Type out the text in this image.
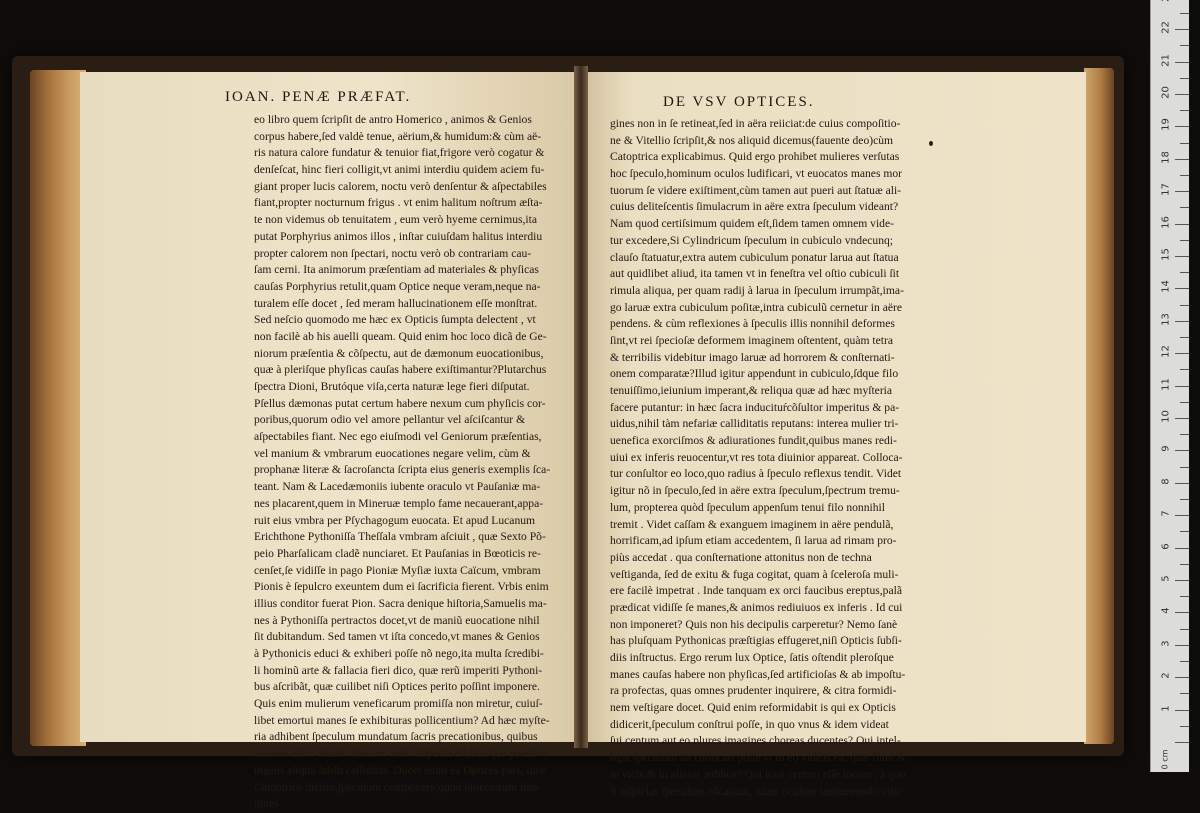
IOAN. PENÆ PRÆFAT.	DE VSV OPTICES.
eo libro quem ſcripſit de antro Homerico , animos & Genios
corpus habere,ſed valdè tenue, aërium,& humidum:& cùm aë-
ris natura calore fundatur & tenuior fiat,frigore verò cogatur &
denſeſcat, hinc fieri colligit,vt animi interdiu quidem aciem fu-
giant proper lucis calorem, noctu verò denſentur & aſpectabiles
fiant,propter nocturnum frigus . vt enim halitum noſtrum æſta-
te non videmus ob tenuitatem , eum verò hyeme cernimus,ita
putat Porphyrius animos illos , inſtar cuiuſdam halitus interdiu
propter calorem non ſpectari, noctu verò ob contrariam cau-
ſam cerni. Ita animorum præſentiam ad materiales & phyſicas
cauſas Porphyrius retulit,quam Optice neque veram,neque na-
turalem eſſe docet , ſed meram hallucinationem eſſe monſtrat.
Sed neſcio quomodo me hæc ex Opticis ſumpta delectent , vt
non facilè ab his auelli queam. Quid enim hoc loco dicã de Ge-
niorum præſentia & cõſpectu, aut de dæmonum euocationibus,
quæ à pleriſque phyſicas cauſas habere exiſtimantur?Plutarchus
ſpectra Dioni, Brutóque viſa,certa naturæ lege fieri diſputat.
Pſellus dæmonas putat certum habere nexum cum phyſicis cor-
poribus,quorum odio vel amore pellantur vel aſciſcantur &
aſpectabiles fiant. Nec ego eiuſmodi vel Geniorum præſentias,
vel manium & vmbrarum euocationes negare velim, cùm &
prophanæ literæ & ſacroſancta ſcripta eius generis exemplis ſca-
teant. Nam & Lacedæmoniis iubente oraculo vt Pauſaniæ ma-
nes placarent,quem in Mineruæ templo fame necauerant,appa-
ruit eius vmbra per Pſychagogum euocata. Et apud Lucanum
Erichthone Pythoniſſa Theſſala vmbram aſciuit , quæ Sexto Põ-
peio Pharſalicam cladẽ nunciaret. Et Pauſanias in Bœoticis re-
cenſet,ſe vidiſſe in pago Pioniæ Myſiæ iuxta Caïcum, vmbram
Pionis è ſepulcro exeuntem dum ei ſacrificia fierent. Vrbis enim
illius conditor fuerat Pion. Sacra denique hiſtoria,Samuelis ma-
nes à Pythoniſſa pertractos docet,vt de maniũ euocatione nihil
ſit dubitandum. Sed tamen vt iſta concedo,vt manes & Genios
à Pythonicis educi & exhiberi poſſe nõ nego,ita multa ſcredibi-
li hominũ arte & fallacia fieri dico, quæ rerũ imperiti Pythoni-
bus aſcribãt, quæ cuilibet niſi Optices perito poſſint imponere.
Quis enim mulierum veneficarum promiſſa non miretur, cuiuſ-
libet emortui manes ſe exhibituras pollicentium? Ad hæc myſte-
ria adhibent ſpeculum mundatum ſacris precationibus, quibus
animos allici dicunt. Tota res mihi ſuſpecta eſt,ſicuſque poteſt vt
ingens aliqua ſubſit calliditas. Docet enim ea Optices pars, quæ
Catoptrice dicitur,ſpeculum componere,quod obiectorum ima-
gines
gines non in ſe retineat,ſed in aëra reiiciat:de cuius compoſitio-
ne & Vitellio ſcripſit,& nos aliquid dicemus(fauente deo)cùm
Catoptrica explicabimus. Quid ergo prohibet mulieres verſutas
hoc ſpeculo,hominum oculos ludificari, vt euocatos manes mor
tuorum ſe videre exiſtiment,cùm tamen aut pueri aut ſtatuæ ali-
cuius deliteſcentis ſimulacrum in aëre extra ſpeculum videant?
Nam quod certiſsimum quidem eſt,ſidem tamen omnem vide-
tur excedere,Si Cylindricum ſpeculum in cubiculo vndecunq;
clauſo ſtatuatur,extra autem cubiculum ponatur larua aut ſtatua
aut quidlibet aliud, ita tamen vt in feneſtra vel oſtio cubiculi ſit
rimula aliqua, per quam radij à larua in ſpeculum irrumpãt,ima-
go laruæ extra cubiculum poſitæ,intra cubiculũ cernetur in aëre
pendens. & cùm reflexiones à ſpeculis illis nonnihil deformes
ſint,vt rei ſpecioſæ deformem imaginem oſtentent, quàm tetra
& terribilis videbitur imago laruæ ad horrorem & conſternati-
onem comparatæ?Illud igitur appendunt in cubiculo,ſdque filo
tenuiſſimo,ieiunium imperant,& reliqua quæ ad hæc myſteria
facere putantur: in hæc ſacra inducituŕcõſultor imperitus & pa-
uidus,nihil tàm nefariæ calliditatis reputans: interea mulier tri-
uenefica exorciſmos & adiurationes fundit,quibus manes redi-
uiui ex inferis reuocentur,vt res tota diuinior appareat. Collоca-
tur conſultor eo loco,quo radius à ſpeculo reflexus tendit. Videt
igitur nõ in ſpeculo,ſed in aëre extra ſpeculum,ſpectrum tremu-
lum, propterea quòd ſpeculum appenſum tenui filo nonnihil
tremit . Videt caſſam & exanguem imaginem in aëre pendulã,
horrificam,ad ipſum etiam accedentem, ſi larua ad rimam pro-
piùs accedat . qua conſternatione attonitus non de techna
veſtiganda, ſed de exitu & fuga cogitat, quam à ſceleroſa muli-
ere facilè impetrat . Inde tanquam ex orci faucibus ereptus,palã
prædicat vidiſſe ſe manes,& animos rediuiuos ex inferis . Id cui
non imponeret? Quis non his decipulis carperetur? Nemo ſanè
has pluſquam Pythonicas præſtigias effugeret,niſi Opticis ſubſi-
diis inſtructus. Ergo rerum lux Optice, ſatis oſtendit pleroſque
manes cauſas habere non phyſicas,ſed artificioſas & ab impoſtu-
ra profectas, quas omnes prudenter inquirere, & citra formidi-
nem veſtigare docet. Quid enim reformidabit is qui ex Opticis
didicerit,ſpeculum conſtrui poſſe, in quo vnus & idem videat
ſui centum aut eo plures imagines choreas ducentes? Qui intel-
ligat ſpeculum ita collocari poſſe,vt in eo videas ea, quæ fiunt &
in vicis & in alienis ædibus? Qui ſciat certum eſſe locum , à quo
ſi inſpicias ſpeculum cõcauum, tuum oculum tantummodo viſu-
0 cm
1
2
3
4
5
6
7
8
9
10
11
12
13
14
15
16
17
18
19
20
21
22
